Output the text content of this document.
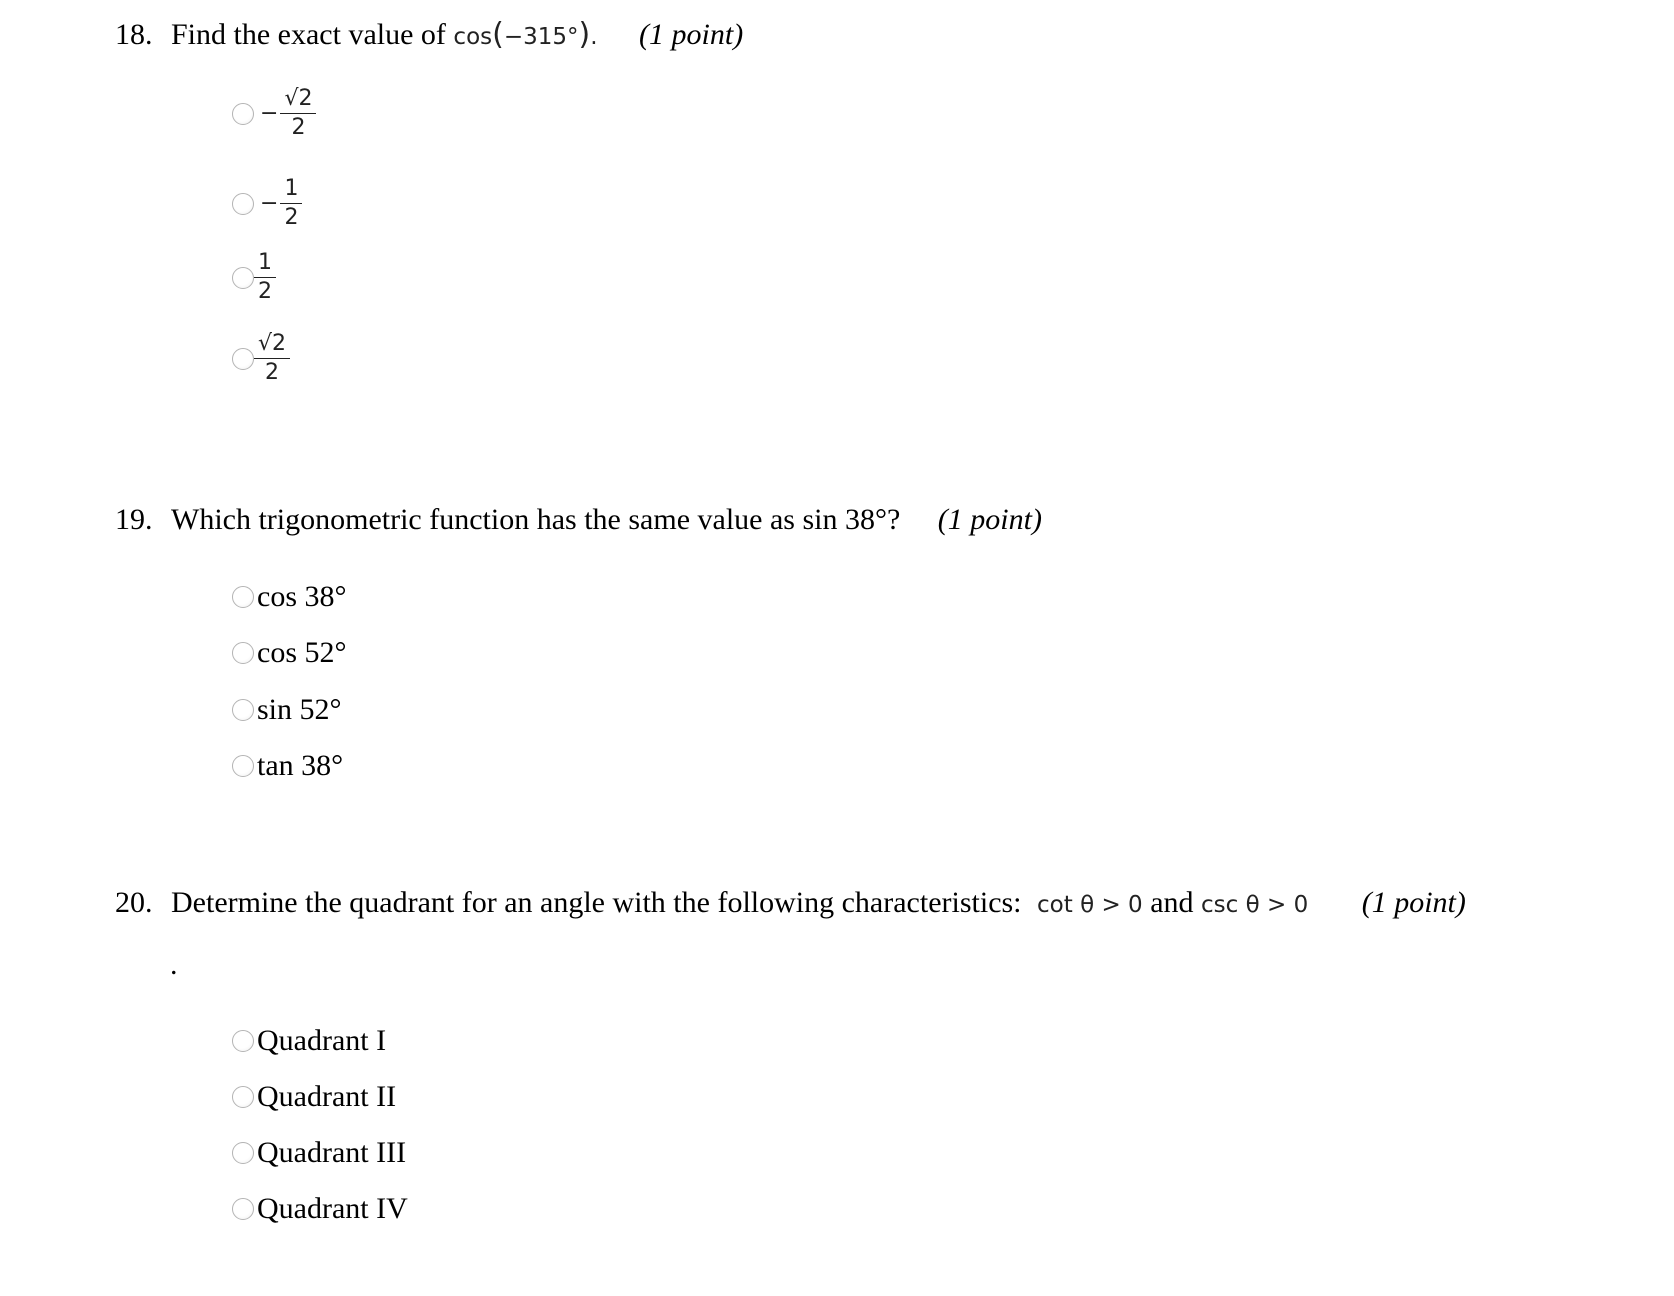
18. Find the exact value of cos(−315°). (1 point)
− $\frac{√2}{2}$
− $\frac{1}{2}$
$\frac{1}{2}$
$\frac{√2}{2}$
19. Which trigonometric function has the same value as sin 38°? (1 point)
cos 38°
cos 52°
sin 52°
tan 38°
20. Determine the quadrant for an angle with the following characteristics: cot θ > 0 and csc θ > 0 (1 point)
.
Quadrant I
Quadrant II
Quadrant III
Quadrant IV
